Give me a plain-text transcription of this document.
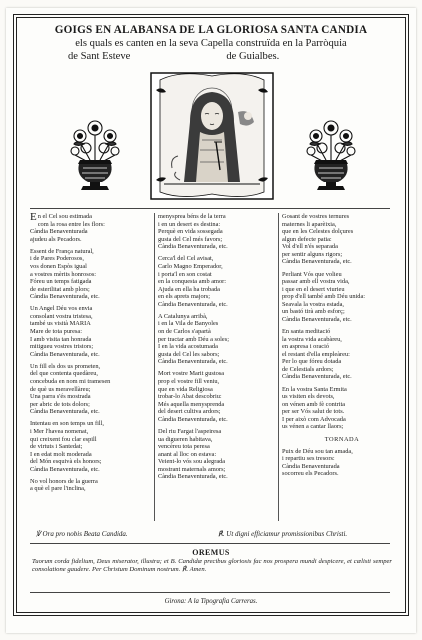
GOIGS EN ALABANSA DE LA GLORIOSA SANTA CANDIA
els quals es canten en la seva Capella construïda en la Parròquia
de Sant Esteve	de Guialbes.
En el Cel sou estimada
com la rosa entre les flors:
Càndia Benaventurada
ajudeu als Pecadors.
Essent de França natural,
i de Pares Poderosos,
vos donen Espòs igual
a vostres mèrits honrosos:
Fóreu un temps fatigada
de esterilitat amb plors;
Càndia Benaventurada, etc.
Un Angel Déu vos envia
consolant vostra tristesa,
també us visità MARIA
Mare de tota puresa:
I amb visita tan honrada
mitigueu vostres tristors;
Càndia Benaventurada, etc.
Un fill els dos us prometen,
del que contenta quedàreu,
concebuda en nom mi tramesen
de què us meravellàreu;
Una parra s'és mostrada
per abric de tots dolors;
Càndia Benaventurada, etc.
Intentau en son temps un fill,
i Mer l'havea nomenat,
qui creixent fou clar espill
de virtuts i Santedat;
I en edat molt moderada
del Món esquivà els honors;
Càndia Benaventurada, etc.
No vol honors de la guerra
a què el pare l'inclina,
menysprea béns de la terra
i en un desert es destina:
Perquè en vida sossegada
gusta del Cel més favors;
Càndia Benaventurada, etc.
Cerca'l del Cel avisat,
Carlo Magno Emperador,
i porta'l en son costat
en la conquesta amb amor:
Ajuda en ella ha trobada
en els aprets majors;
Càndia Benaventurada, etc.
A Catalunya arribà,
i en la Vila de Banyoles
on de Carlos s'apartà
per tractar amb Déu a soles;
I en la vida acostumada
gusta del Cel les sabors;
Càndia Benaventurada, etc.
Mort vostre Marit gustosa
prop el vostre fill veniu,
que en vida Religiosa
trobar-lo Abat descobriu:
Més aquella menysprenda
del desert cultiva ardors;
Càndia Benaventurada, etc.
Del riu Fargat l'aspeiresa
ua digueren habitava,
vencèreu tota peresa
anant al lloc on estava:
Veient-lo vós sou alegrada
mostrant maternals amors;
Càndia Benaventurada, etc.
Gosant de vostres ternures
maternes li aparèixia,
que en les Celestes dolçures
algun defecte patia:
Vol d'ell n'és separada
per sentir alguns rigors;
Càndia Benaventurada, etc.
Perliant Vós que volieu
passar amb ell vostra vida,
i que en el desert viurieu
prop d'ell també amb Déu unida:
Seavala la vostra estada,
un bastó tirà amb esforç;
Càndia Benaventurada, etc.
En santa meditació
la vostra vida acabàreu,
en aspresa i oració
el restant d'ella empleàreu:
Per lo que fóreu dotada
de Celestials ardors;
Càndia Benaventurada, etc.
En la vostra Santa Ermita
us visiten els devots,
on vénen amb fè contrita
per ser Vós salut de tots.
I per això com Advocada
us vénen a cantar llaors;
TORNADA
Puix de Déu sou tan amada,
i repartiu ses tresors:
Càndia Benaventurada
socorreu els Pecadors.
℣ Ora pro nobis Beata Candida.	℟. Ut digni efficiamur promissionibus Christi.
OREMUS
Tuorum corda fidelium, Deus miserator, illustra; et B. Candidæ precibus gloriosis fac nos prospera mundi despicere, et cælisti semper consolatione gaudere. Per Christum Dominum nostrum. ℟. Amen.
Girona: A la Tipografia Carreras.
